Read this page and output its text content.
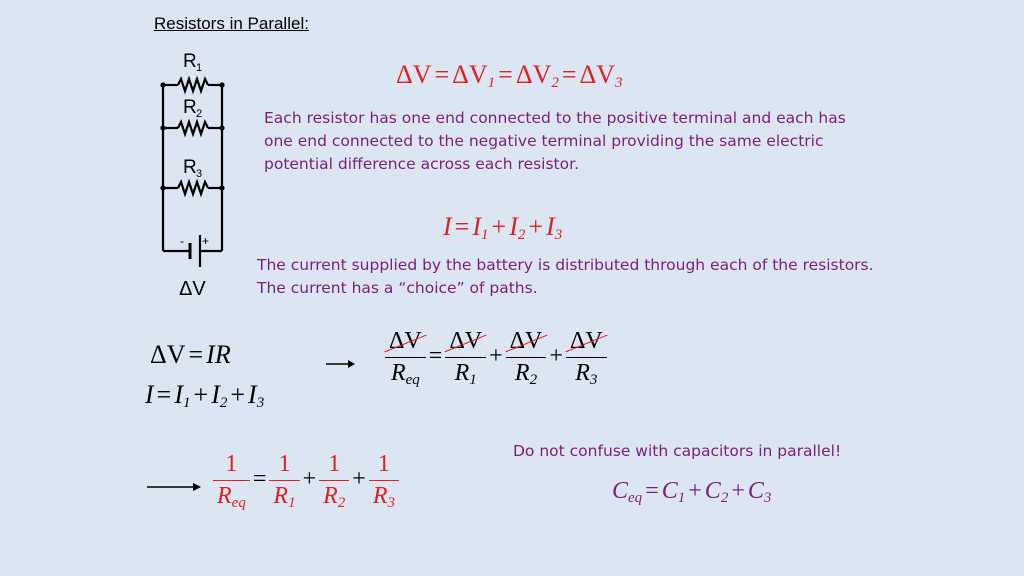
Resistors in Parallel:
R 1
R 2
R 3
- +
ΔV
$\Delta V = \Delta V_1 = \Delta V_2 = \Delta V_3$
Each resistor has one end connected to the positive terminal and each has one end connected to the negative terminal providing the same electric potential difference across each resistor.
$I = I_1 + I_2 + I_3$
The current supplied by the battery is distributed through each of the resistors. The current has a “choice” of paths.
ΔV = IR
$I = I_1 + I_2 + I_3$
$\frac{\Delta V}{R_{eq}} = \frac{\Delta V}{R_1} + \frac{\Delta V}{R_2} + \frac{\Delta V}{R_3}$
$\frac{1}{R_{eq}} = \frac{1}{R_1} + \frac{1}{R_2} + \frac{1}{R_3}$	Do not confuse with capacitors in parallel!
$C_{eq} = C_1 + C_2 + C_3$
